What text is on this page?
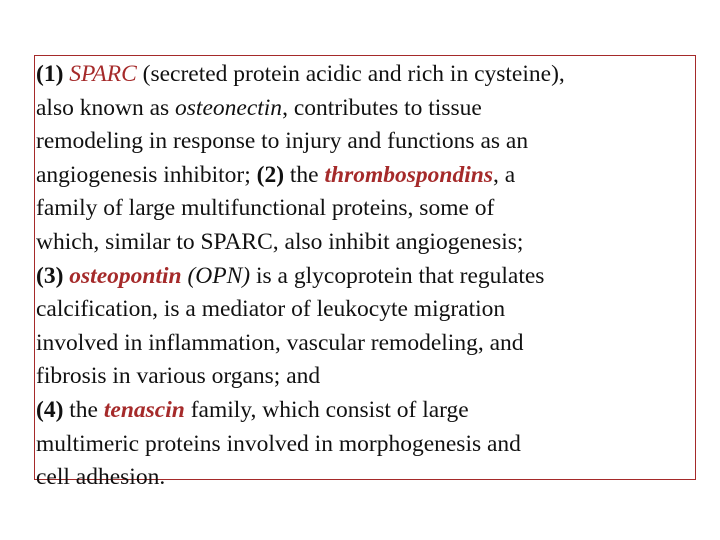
(1) SPARC (secreted protein acidic and rich in cysteine),
also known as osteonectin, contributes to tissue
remodeling in response to injury and functions as an
angiogenesis inhibitor; (2) the thrombospondins, a
family of large multifunctional proteins, some of
which, similar to SPARC, also inhibit angiogenesis;
(3) osteopontin (OPN) is a glycoprotein that regulates
calcification, is a mediator of leukocyte migration
involved in inflammation, vascular remodeling, and
fibrosis in various organs; and
(4) the tenascin family, which consist of large
multimeric proteins involved in morphogenesis and
cell adhesion.
